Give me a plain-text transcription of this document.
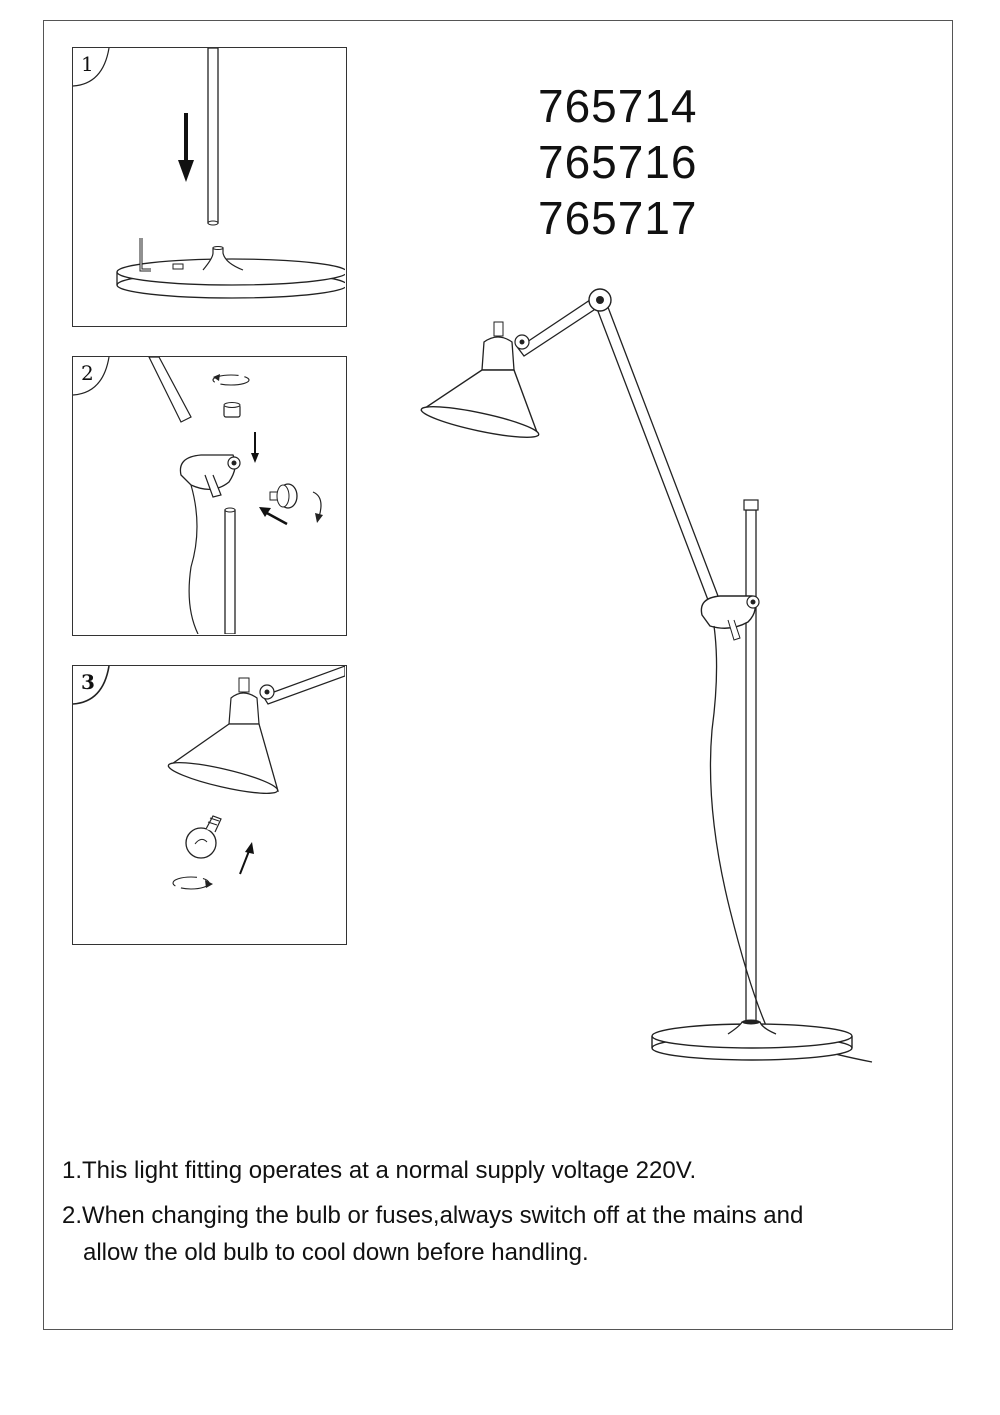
1
2
3
765714
765716
765717
1.This light fitting operates at a normal supply voltage 220V.
2.When changing the bulb or fuses,always switch off at the mains and
allow the old bulb to cool down before handling.
